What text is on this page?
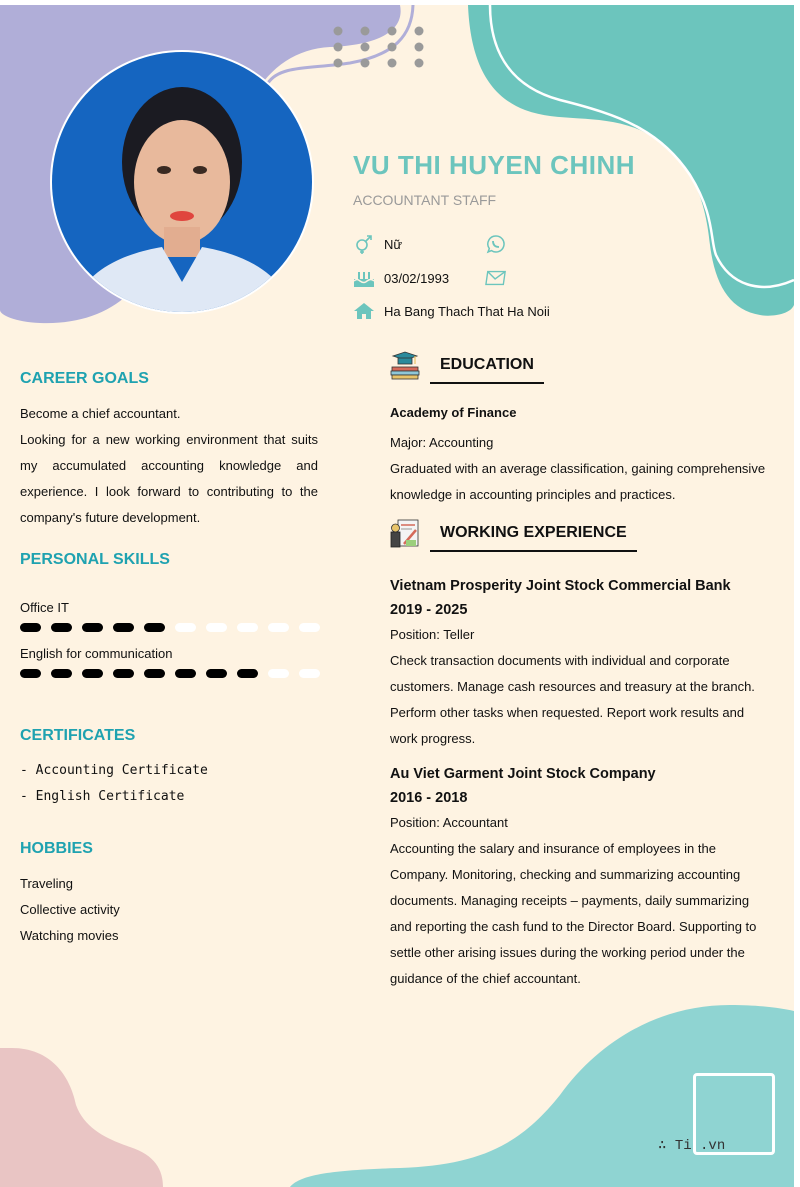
VU THI HUYEN CHINH
ACCOUNTANT STAFF
Nữ
03/02/1993
Ha Bang Thach That Ha Noii
CAREER GOALS
Become a chief accountant.
Looking for a new working environment that suits my accumulated accounting knowledge and experience. I look forward to contributing to the company's future development.
PERSONAL SKILLS
Office IT
English for communication
CERTIFICATES
- Accounting Certificate
- English Certificate
HOBBIES
Traveling
Collective activity
Watching movies
EDUCATION
Academy of Finance
Major: Accounting
Graduated with an average classification, gaining comprehensive knowledge in accounting principles and practices.
WORKING EXPERIENCE
Vietnam Prosperity Joint Stock Commercial Bank
2019 - 2025
Position: Teller
Check transaction documents with individual and corporate customers. Manage cash resources and treasury at the branch. Perform other tasks when requested. Report work results and work progress.
Au Viet Garment Joint Stock Company
2016 - 2018
Position: Accountant
Accounting the salary and insurance of employees in the Company. Monitoring, checking and summarizing accounting documents. Managing receipts – payments, daily summarizing and reporting the cash fund to the Director Board. Supporting to settle other arising issues during the working period under the guidance of the chief accountant.
∴ Ti .vn
